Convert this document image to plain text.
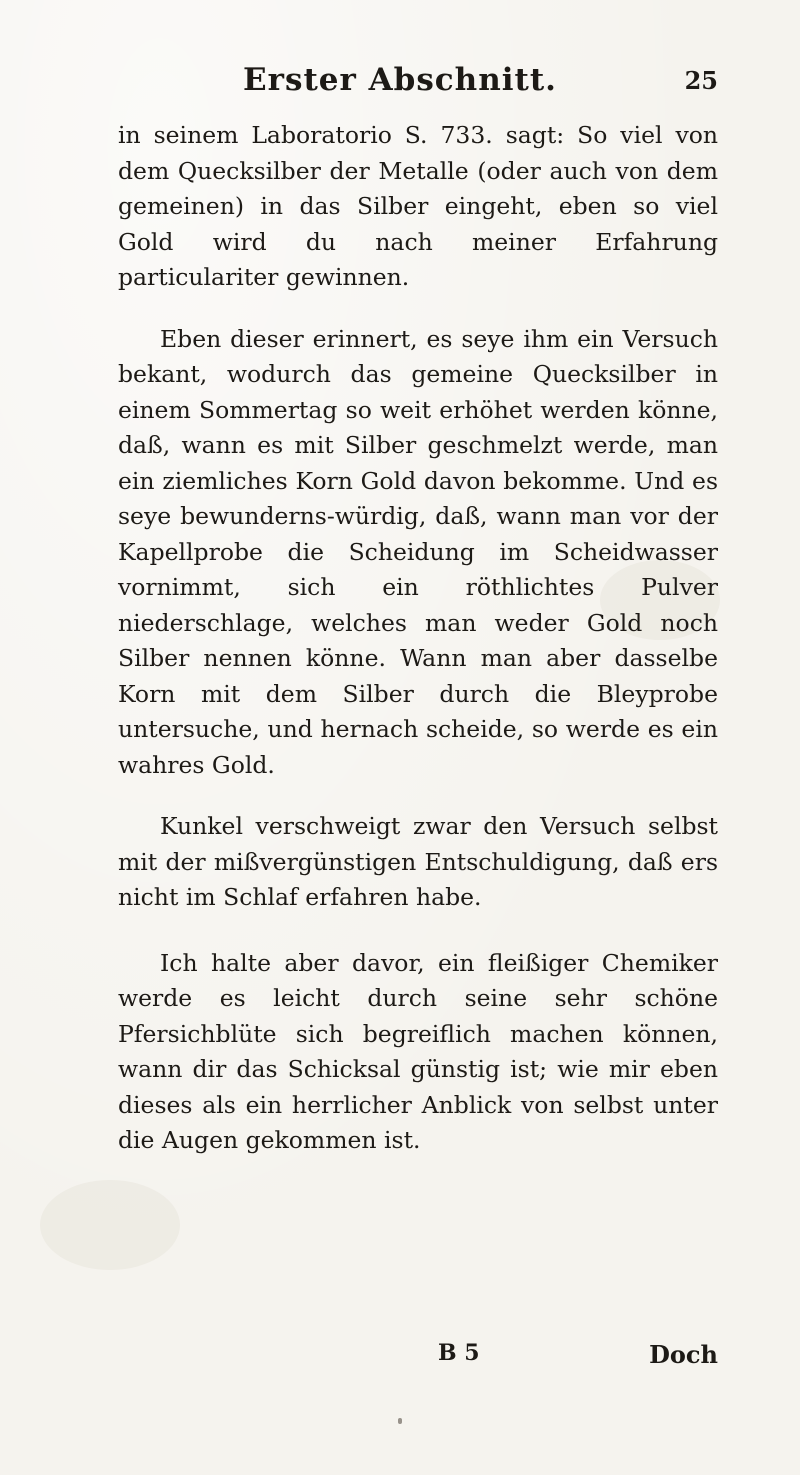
Erster Abschnitt.	25

in seinem Laboratorio S. 733. sagt: So viel von dem Quecksilber der Metalle (oder auch von dem gemeinen) in das Silber eingeht, eben so viel Gold wird du nach meiner Erfahrung particulariter gewinnen.

Eben dieser erinnert, es seye ihm ein Versuch bekant, wodurch das gemeine Quecksilber in einem Sommertag so weit erhöhet werden könne, daß, wann es mit Silber geschmelzt werde, man ein ziemliches Korn Gold davon bekomme. Und es seye bewunderns-würdig, daß, wann man vor der Kapellprobe die Scheidung im Scheidwasser vornimmt, sich ein röthlichtes Pulver niederschlage, welches man weder Gold noch Silber nennen könne. Wann man aber dasselbe Korn mit dem Silber durch die Bleyprobe untersuche, und hernach scheide, so werde es ein wahres Gold.

Kunkel verschweigt zwar den Versuch selbst mit der mißvergünstigen Entschuldigung, daß ers nicht im Schlaf erfahren habe.

Ich halte aber davor, ein fleißiger Chemiker werde es leicht durch seine sehr schöne Pfersichblüte sich begreiflich machen können, wann dir das Schicksal günstig ist; wie mir eben dieses als ein herrlicher Anblick von selbst unter die Augen gekommen ist.

B 5	Doch
